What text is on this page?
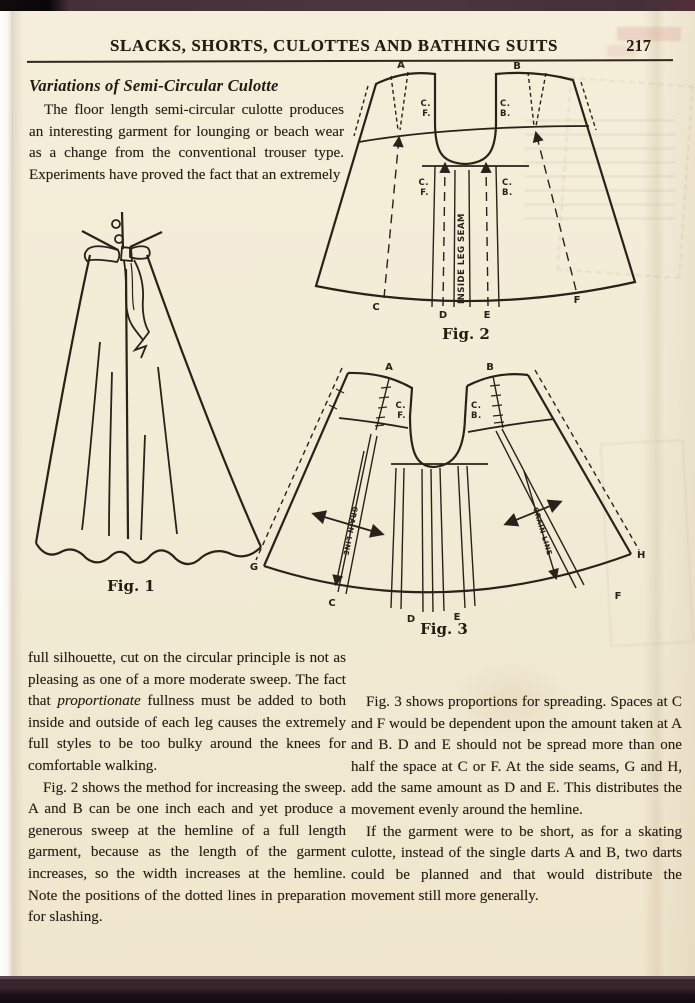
SLACKS, SHORTS, CULOTTES AND BATHING SUITS	217
Variations of Semi-Circular Culotte

The floor length semi-circular culotte produces an interesting garment for lounging or beach wear as a change from the conventional trouser type. Experiments have proved the fact that an extremely

Fig. 1
A	B
C.
F.
C.
B.
C.
F.
C.
B.
INSIDE LEG SEAM
C
D	E
F
Fig. 2
GRAIN LINE	GRAIN LINE
A	B
C.
F.
C.
B.
G
H
C
D	E
F
Fig. 3

full silhouette, cut on the circular principle is not as pleasing as one of a more moderate sweep. The fact that proportionate fullness must be added to both inside and outside of each leg causes the extremely full styles to be too bulky around the knees for comfortable walking.

Fig. 2 shows the method for increasing the sweep. A and B can be one inch each and yet produce a generous sweep at the hemline of a full length garment, because as the length of the garment increases, so the width increases at the hemline. Note the positions of the dotted lines in preparation for slashing.

Fig. 3 shows proportions for spreading. Spaces at C and F would be dependent upon the amount taken at A and B. D and E should not be spread more than one half the space at C or F. At the side seams, G and H, add the same amount as D and E. This distributes the movement evenly around the hemline.

If the garment were to be short, as for a skating culotte, instead of the single darts A and B, two darts could be planned and that would distribute the movement still more generally.
